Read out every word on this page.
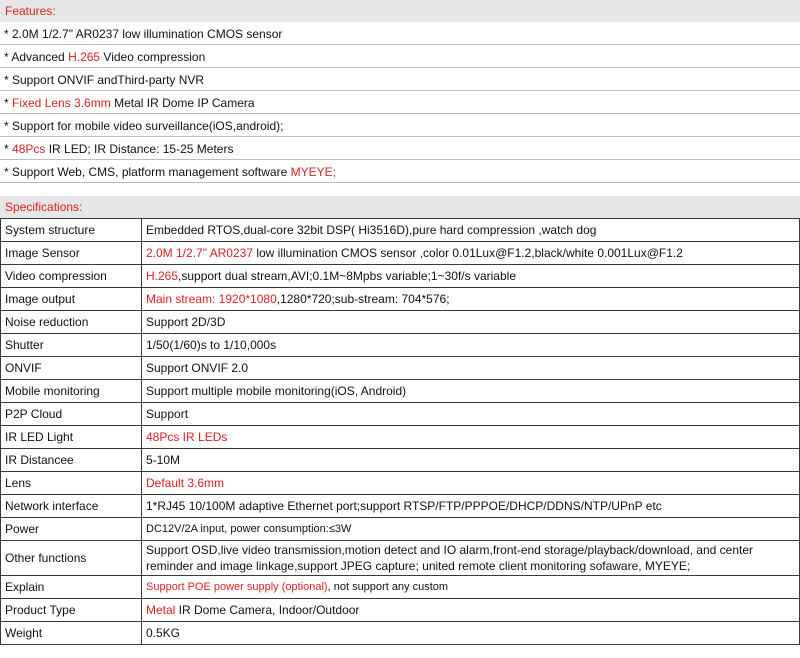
Features:
* 2.0M 1/2.7" AR0237 low illumination CMOS sensor
* Advanced H.265 Video compression
* Support ONVIF andThird-party NVR
* Fixed Lens 3.6mm Metal IR Dome IP Camera
* Support for mobile video surveillance(iOS,android);
* 48Pcs IR LED; IR Distance: 15-25 Meters
* Support Web, CMS, platform management software MYEYE;
Specifications:
System structure	Embedded RTOS,dual-core 32bit DSP( Hi3516D),pure hard compression ,watch dog
Image Sensor	2.0M 1/2.7" AR0237 low illumination CMOS sensor ,color 0.01Lux@F1.2,black/white 0.001Lux@F1.2
Video compression	H.265,support dual stream,AVI;0.1M~8Mpbs variable;1~30f/s variable
Image output	Main stream: 1920*1080,1280*720;sub-stream: 704*576;
Noise reduction	Support 2D/3D
Shutter	1/50(1/60)s to 1/10,000s
ONVIF	Support ONVIF 2.0
Mobile monitoring	Support multiple mobile monitoring(iOS, Android)
P2P Cloud	Support
IR LED Light	48Pcs IR LEDs
IR Distancee	5-10M
Lens	Default 3.6mm
Network interface	1*RJ45 10/100M adaptive Ethernet port;support RTSP/FTP/PPPOE/DHCP/DDNS/NTP/UPnP etc
Power	DC12V/2A input, power consumption:≤3W
Other functions	Support OSD,live video transmission,motion detect and IO alarm,front-end storage/playback/download, and center reminder and image linkage,support JPEG capture; united remote client monitoring sofaware, MYEYE;
Explain	Support POE power supply (optional), not support any custom
Product Type	Metal IR Dome Camera, Indoor/Outdoor
Weight	0.5KG
